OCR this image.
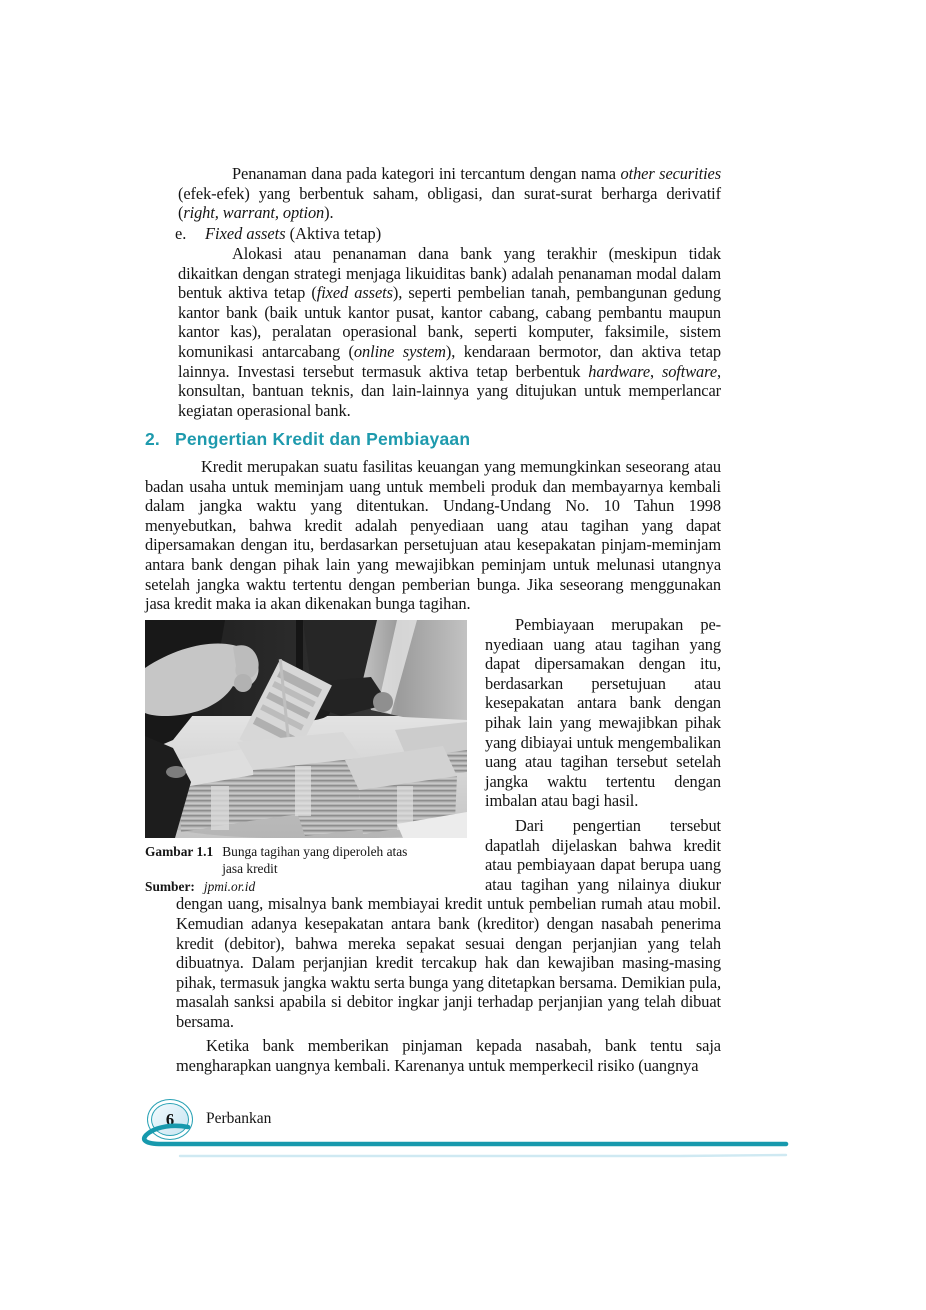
Penanaman dana pada kategori ini tercantum dengan nama other securities (efek-efek) yang berbentuk saham, obligasi, dan surat-surat berharga derivatif (right, warrant, option).
e. Fixed assets (Aktiva tetap)
Alokasi atau penanaman dana bank yang terakhir (meskipun tidak dikaitkan dengan strategi menjaga likuiditas bank) adalah penanaman modal dalam bentuk aktiva tetap (fixed assets), seperti pembelian tanah, pembangunan gedung kantor bank (baik untuk kantor pusat, kantor cabang, cabang pembantu maupun kantor kas), peralatan operasional bank, seperti komputer, faksimile, sistem komunikasi antarcabang (online system), kendaraan bermotor, dan aktiva tetap lainnya. Investasi tersebut termasuk aktiva tetap berbentuk hardware, software, konsultan, bantuan teknis, dan lain-lainnya yang ditujukan untuk memperlancar kegiatan operasional bank.
2. Pengertian Kredit dan Pembiayaan
Kredit merupakan suatu fasilitas keuangan yang memungkinkan seseorang atau badan usaha untuk meminjam uang untuk membeli produk dan membayarnya kembali dalam jangka waktu yang ditentukan. Undang-Undang No. 10 Tahun 1998 menyebutkan, bahwa kredit adalah penyediaan uang atau tagihan yang dapat dipersamakan dengan itu, berdasarkan persetujuan atau kesepakatan pinjam-meminjam antara bank dengan pihak lain yang mewajibkan peminjam untuk melunasi utangnya setelah jangka waktu tertentu dengan pemberian bunga. Jika seseorang menggunakan jasa kredit maka ia akan dikenakan bunga tagihan.

Pembiayaan merupakan pe-nyediaan uang atau tagihan yang dapat dipersamakan dengan itu, berdasarkan persetujuan atau kesepakatan antara bank dengan pihak lain yang mewajibkan pihak yang dibiayai untuk mengembalikan uang atau tagihan tersebut setelah jangka waktu tertentu dengan imbalan atau bagi hasil.

Dari pengertian tersebut dapatlah dijelaskan bahwa kredit atau pembiayaan dapat berupa uang atau tagihan yang nilainya diukur dengan uang, misalnya bank membiayai kredit untuk pembelian rumah atau mobil. Kemudian adanya kesepakatan antara bank (kreditor) dengan nasabah penerima kredit (debitor), bahwa mereka sepakat sesuai dengan perjanjian yang telah dibuatnya. Dalam perjanjian kredit tercakup hak dan kewajiban masing-masing pihak, termasuk jangka waktu serta bunga yang ditetapkan bersama. Demikian pula, masalah sanksi apabila si debitor ingkar janji terhadap perjanjian yang telah dibuat bersama.

Ketika bank memberikan pinjaman kepada nasabah, bank tentu saja mengharapkan uangnya kembali. Karenanya untuk memperkecil risiko (uangnya

Gambar 1.1 Bunga tagihan yang diperoleh atas jasa kredit
Sumber: jpmi.or.id
6	Perbankan
